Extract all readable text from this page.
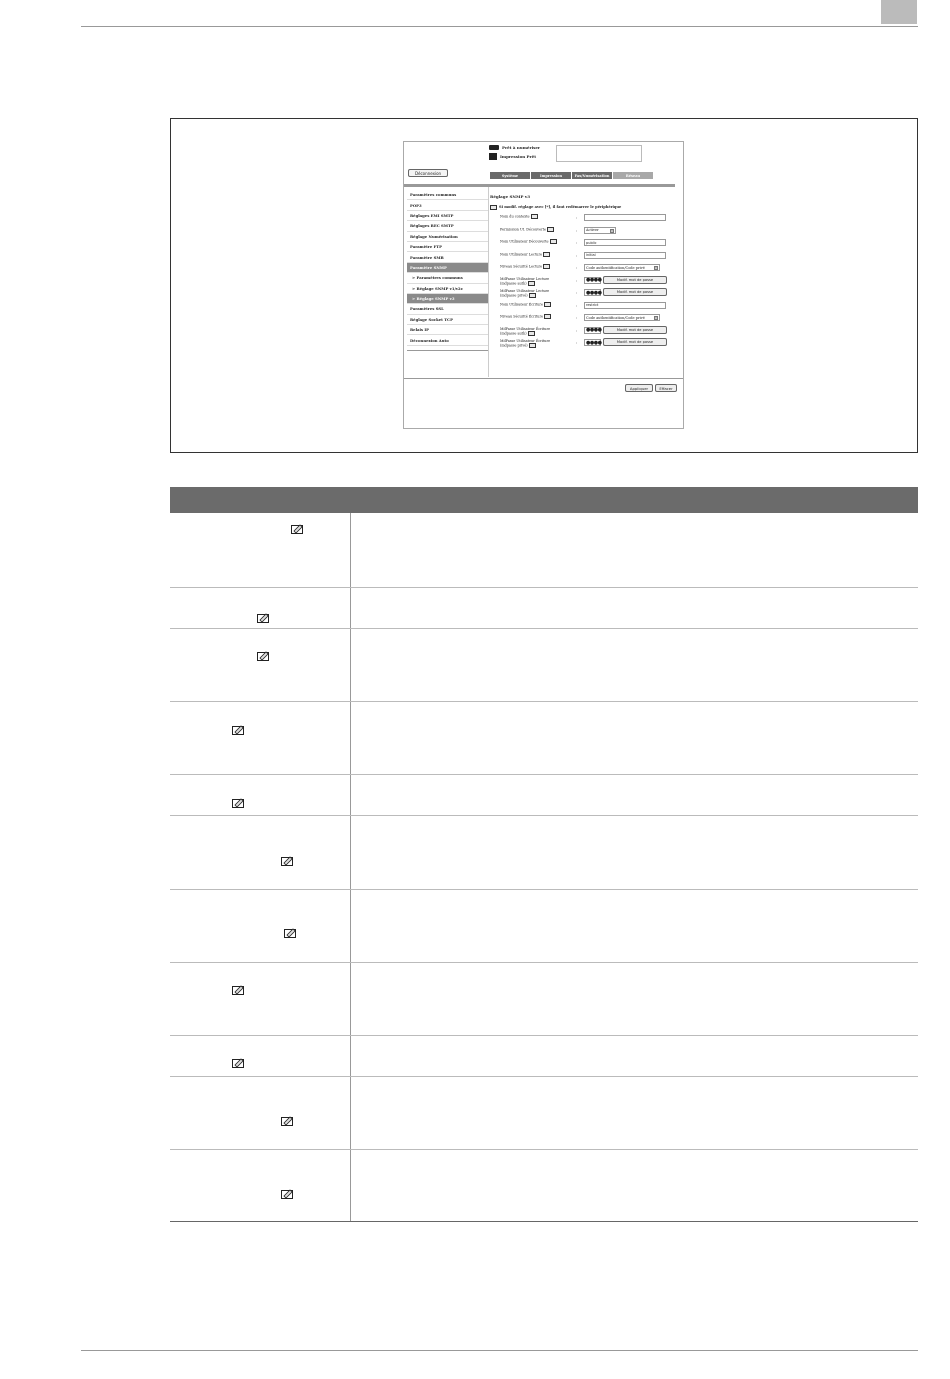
Prêt à numériser
Impression Prêt
Déconnexion	Système	Impression	Fax/Numérisation	Réseau
Paramètres communs
POP3
Réglages EMI SMTP
Réglages REC SMTP
Réglage Numérisation
Paramètre FTP
Paramètre SMB
Paramètre SNMP
> Paramètres communs
> Réglage SNMP v1/v2c
> Réglage SNMP v3
Paramètres SSL
Réglage Socket TCP
Relais IP
Déconnexion Auto
Réglage SNMP v3
Si modif. réglage avec [*], il faut redémarrer le périphérique
Nom du contexte	:
Permission Ut. Découverte	: Activer	▾
Nom Utilisateur Découverte	:	public
Nom Utilisateur Lecture	:	initial
Niveau Sécurité Lecture	: Code authentification/Code privé	▾
MdPasse Utilisateur Lecture
(mdpasse auth)
:	●●●●	Modif. mot de passe
MdPasse Utilisateur Lecture
(mdpasse privé)
:	●●●●	Modif. mot de passe
Nom Utilisateur Écriture	:	restrict
Niveau Sécurité Écriture	: Code authentification/Code privé	▾
MdPasse Utilisateur Écriture
(mdpasse auth)
:	●●●●	Modif. mot de passe
MdPasse Utilisateur Écriture
(mdpasse privé)
:	●●●●	Modif. mot de passe
Appliquer	Effacer
